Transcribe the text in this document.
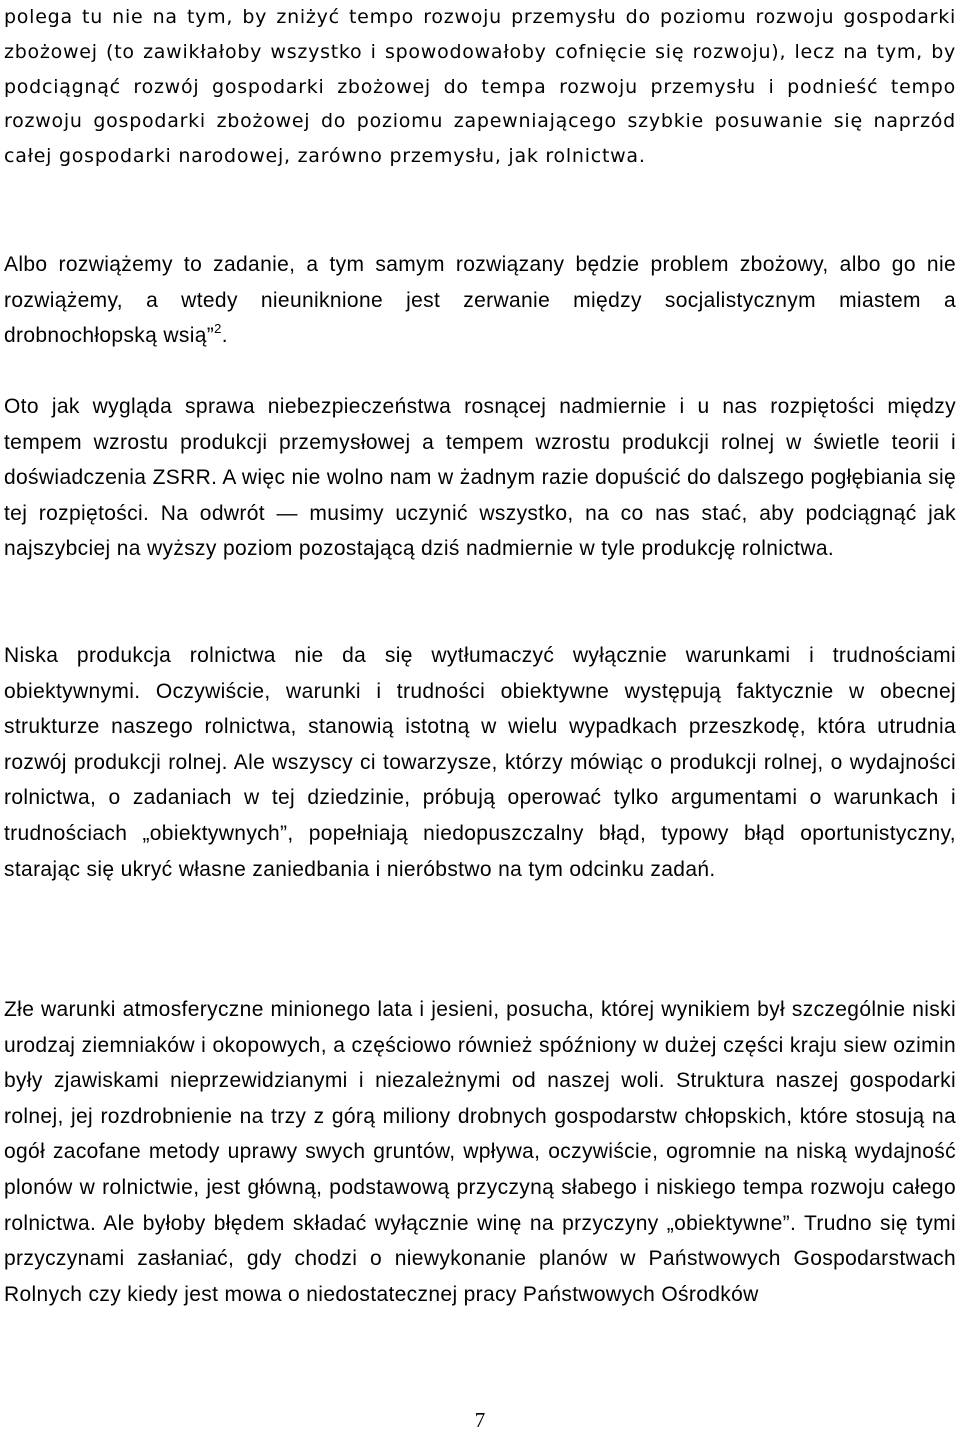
polega tu nie na tym, by zniżyć tempo rozwoju przemysłu do poziomu rozwoju gospodarki zbożowej (to zawikłałoby wszystko i spowodowałoby cofnięcie się rozwoju), lecz na tym, by podciągnąć rozwój gospodarki zbożowej do tempa rozwoju przemysłu i podnieść tempo rozwoju gospodarki zbożowej do poziomu zapewniającego szybkie posuwanie się naprzód całej gospodarki narodowej, zarówno przemysłu, jak rolnictwa.

Albo rozwiążemy to zadanie, a tym samym rozwiązany będzie problem zbożowy, albo go nie rozwiążemy, a wtedy nieuniknione jest zerwanie między socjalistycznym miastem a drobnochłopską wsią”$^2$.

Oto jak wygląda sprawa niebezpieczeństwa rosnącej nadmiernie i u nas rozpiętości między tempem wzrostu produkcji przemysłowej a tempem wzrostu produkcji rolnej w świetle teorii i doświadczenia ZSRR. A więc nie wolno nam w żadnym razie dopuścić do dalszego pogłębiania się tej rozpiętości. Na odwrót — musimy uczynić wszystko, na co nas stać, aby podciągnąć jak najszybciej na wyższy poziom pozostającą dziś nadmiernie w tyle produkcję rolnictwa.

Niska produkcja rolnictwa nie da się wytłumaczyć wyłącznie warunkami i trudnościami obiektywnymi. Oczywiście, warunki i trudności obiektywne występują faktycznie w obecnej strukturze naszego rolnictwa, stanowią istotną w wielu wypadkach przeszkodę, która utrudnia rozwój produkcji rolnej. Ale wszyscy ci towarzysze, którzy mówiąc o produkcji rolnej, o wydajności rolnictwa, o zadaniach w tej dziedzinie, próbują operować tylko argumentami o warunkach i trudnościach „obiektywnych”, popełniają niedopuszczalny błąd, typowy błąd oportunistyczny, starając się ukryć własne zaniedbania i nieróbstwo na tym odcinku zadań.

Złe warunki atmosferyczne minionego lata i jesieni, posucha, której wynikiem był szczególnie niski urodzaj ziemniaków i okopowych, a częściowo również spóźniony w dużej części kraju siew ozimin były zjawiskami nieprzewidzianymi i niezależnymi od naszej woli. Struktura naszej gospodarki rolnej, jej rozdrobnienie na trzy z górą miliony drobnych gospodarstw chłopskich, które stosują na ogół zacofane metody uprawy swych gruntów, wpływa, oczywiście, ogromnie na niską wydajność plonów w rolnictwie, jest główną, podstawową przyczyną słabego i niskiego tempa rozwoju całego rolnictwa. Ale byłoby błędem składać wyłącznie winę na przyczyny „obiektywne”. Trudno się tymi przyczynami zasłaniać, gdy chodzi o niewykonanie planów w Państwowych Gospodarstwach Rolnych czy kiedy jest mowa o niedostatecznej pracy Państwowych Ośrodków

7
